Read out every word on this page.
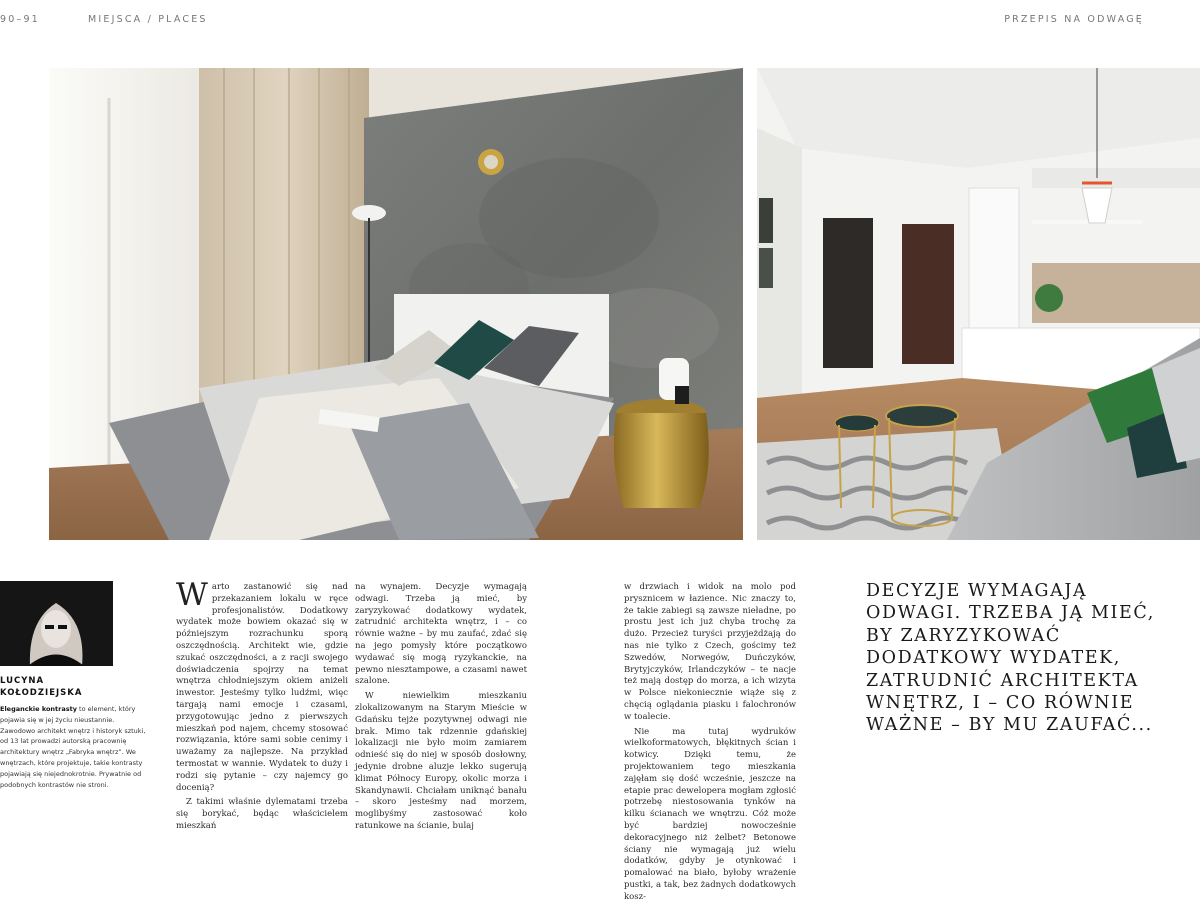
90–91	MIEJSCA / PLACES	PRZEPIS NA ODWAGĘ
LUCYNA
KOŁODZIEJSKA
Eleganckie kontrasty to element, który pojawia się w jej życiu nieustannie. Zawodowo architekt wnętrz i historyk sztuki, od 13 lat prowadzi autorską pracownię architektury wnętrz „Fabryka wnętrz”. We wnętrzach, które projektuje, takie kontrasty pojawiają się niejednokrotnie. Prywatnie od podobnych kontrastów nie stroni.

Warto zastanowić się nad przekazaniem lokalu w ręce profesjonalistów. Dodatkowy wydatek może bowiem okazać się w późniejszym rozrachunku sporą oszczędnością. Architekt wie, gdzie szukać oszczędności, a z racji swojego doświadczenia spojrzy na temat wnętrza chłodniejszym okiem aniżeli inwestor. Jesteśmy tylko ludźmi, więc targają nami emocje i czasami, przygotowując jedno z pierwszych mieszkań pod najem, chcemy stosować rozwiązania, które sami sobie cenimy i uważamy za najlepsze. Na przykład termostat w wannie. Wydatek to duży i rodzi się pytanie – czy najemcy go docenią?

Z takimi właśnie dylematami trzeba się borykać, będąc właścicielem mieszkań

na wynajem. Decyzje wymagają odwagi. Trzeba ją mieć, by zaryzykować dodatkowy wydatek, zatrudnić architekta wnętrz, i – co równie ważne – by mu zaufać, zdać się na jego pomysły które początkowo wydawać się mogą ryzykanckie, na pewno niesztampowe, a czasami nawet szalone.

W niewielkim mieszkaniu zlokalizowanym na Starym Mieście w Gdańsku tejże pozytywnej odwagi nie brak. Mimo tak rdzennie gdańskiej lokalizacji nie było moim zamiarem odnieść się do niej w sposób dosłowny, jedynie drobne aluzje lekko sugerują klimat Północy Europy, okolic morza i Skandynawii. Chciałam uniknąć banału – skoro jesteśmy nad morzem, moglibyśmy zastosować koło ratunkowe na ścianie, bulaj

w drzwiach i widok na molo pod prysznicem w łazience. Nic znaczy to, że takie zabiegi są zawsze nieładne, po prostu jest ich już chyba trochę za dużo. Przecież turyści przyjeżdżają do nas nie tylko z Czech, gościmy też Szwedów, Norwegów, Duńczyków, Brytyjczyków, Irlandczyków – te nacje też mają dostęp do morza, a ich wizyta w Polsce niekoniecznie wiąże się z chęcią oglądania piasku i falochronów w toalecie.

Nie ma tutaj wydruków wielkoformatowych, błękitnych ścian i kotwicy. Dzięki temu, że projektowaniem tego mieszkania zajęłam się dość wcześnie, jeszcze na etapie prac dewelopera mogłam zgłosić potrzebę niestosowania tynków na kilku ścianach we wnętrzu. Cóż może być bardziej nowocześnie dekoracyjnego niż żelbet? Betonowe ściany nie wymagają już wielu dodatków, gdyby je otynkować i pomalować na biało, byłoby wrażenie pustki, a tak, bez żadnych dodatkowych kosz-

DECYZJE WYMAGAJĄ ODWAGI. TRZEBA JĄ MIEĆ, BY ZARYZYKOWAĆ DODATKOWY WYDATEK, ZATRUDNIĆ ARCHITEKTA WNĘTRZ, I – CO RÓWNIE WAŻNE – BY MU ZAUFAĆ...
